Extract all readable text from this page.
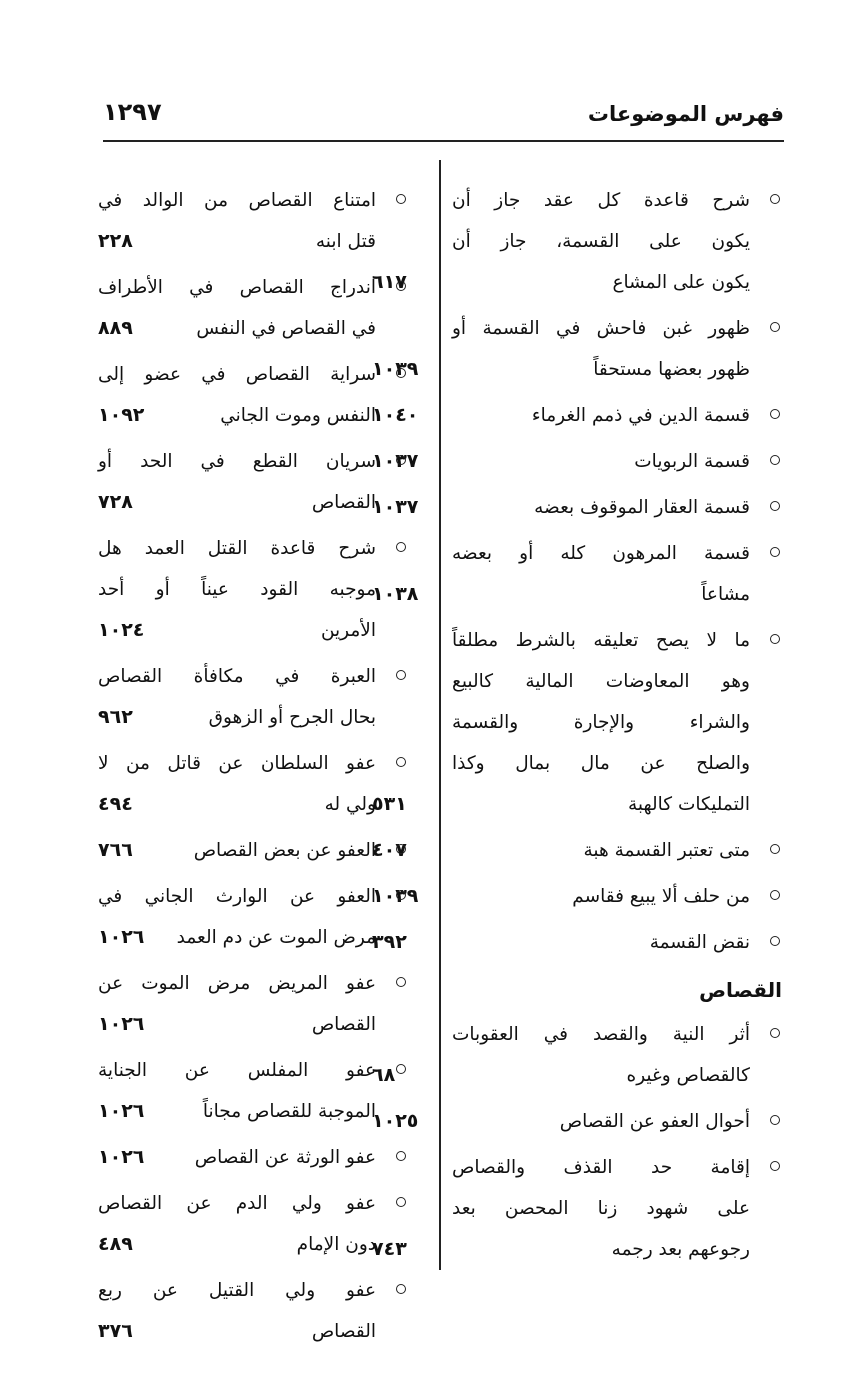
فهرس الموضوعات
١٢٩٧
شرح قاعدة كل عقد جاز أن
يكون على القسمة، جاز أن
يكون على المشاع
٦١٧
ظهور غبن فاحش في القسمة أو
ظهور بعضها مستحقاً
١٠٣٩
قسمة الدين في ذمم الغرماء
١٠٤٠
قسمة الربويات
١٠٣٧
قسمة العقار الموقوف بعضه
١٠٣٧
قسمة المرهون كله أو بعضه
مشاعاً
١٠٣٨
ما لا يصح تعليقه بالشرط مطلقاً
وهو المعاوضات المالية كالبيع
والشراء والإجارة والقسمة
والصلح عن مال بمال وكذا
التمليكات كالهبة
٥٣١
متى تعتبر القسمة هبة
٤٠٧
من حلف ألا يبيع فقاسم
١٠٣٩
نقض القسمة
٣٩٢
القصاص
أثر النية والقصد في العقوبات
كالقصاص وغيره
٦٨
أحوال العفو عن القصاص
١٠٢٥
إقامة حد القذف والقصاص
على شهود زنا المحصن بعد
رجوعهم بعد رجمه
٧٤٣
امتناع القصاص من الوالد في
قتل ابنه
٢٢٨
اندراج القصاص في الأطراف
في القصاص في النفس
٨٨٩
سراية القصاص في عضو إلى
النفس وموت الجاني
١٠٩٢
سريان القطع في الحد أو
القصاص
٧٢٨
شرح قاعدة القتل العمد هل
موجبه القود عيناً أو أحد
الأمرين
١٠٢٤
العبرة في مكافأة القصاص
بحال الجرح أو الزهوق
٩٦٢
عفو السلطان عن قاتل من لا
ولي له
٤٩٤
العفو عن بعض القصاص
٧٦٦
العفو عن الوارث الجاني في
مرض الموت عن دم العمد
١٠٢٦
عفو المريض مرض الموت عن
القصاص
١٠٢٦
عفو المفلس عن الجناية
الموجبة للقصاص مجاناً
١٠٢٦
عفو الورثة عن القصاص
١٠٢٦
عفو ولي الدم عن القصاص
دون الإمام
٤٨٩
عفو ولي القتيل عن ربع
القصاص
٣٧٦
